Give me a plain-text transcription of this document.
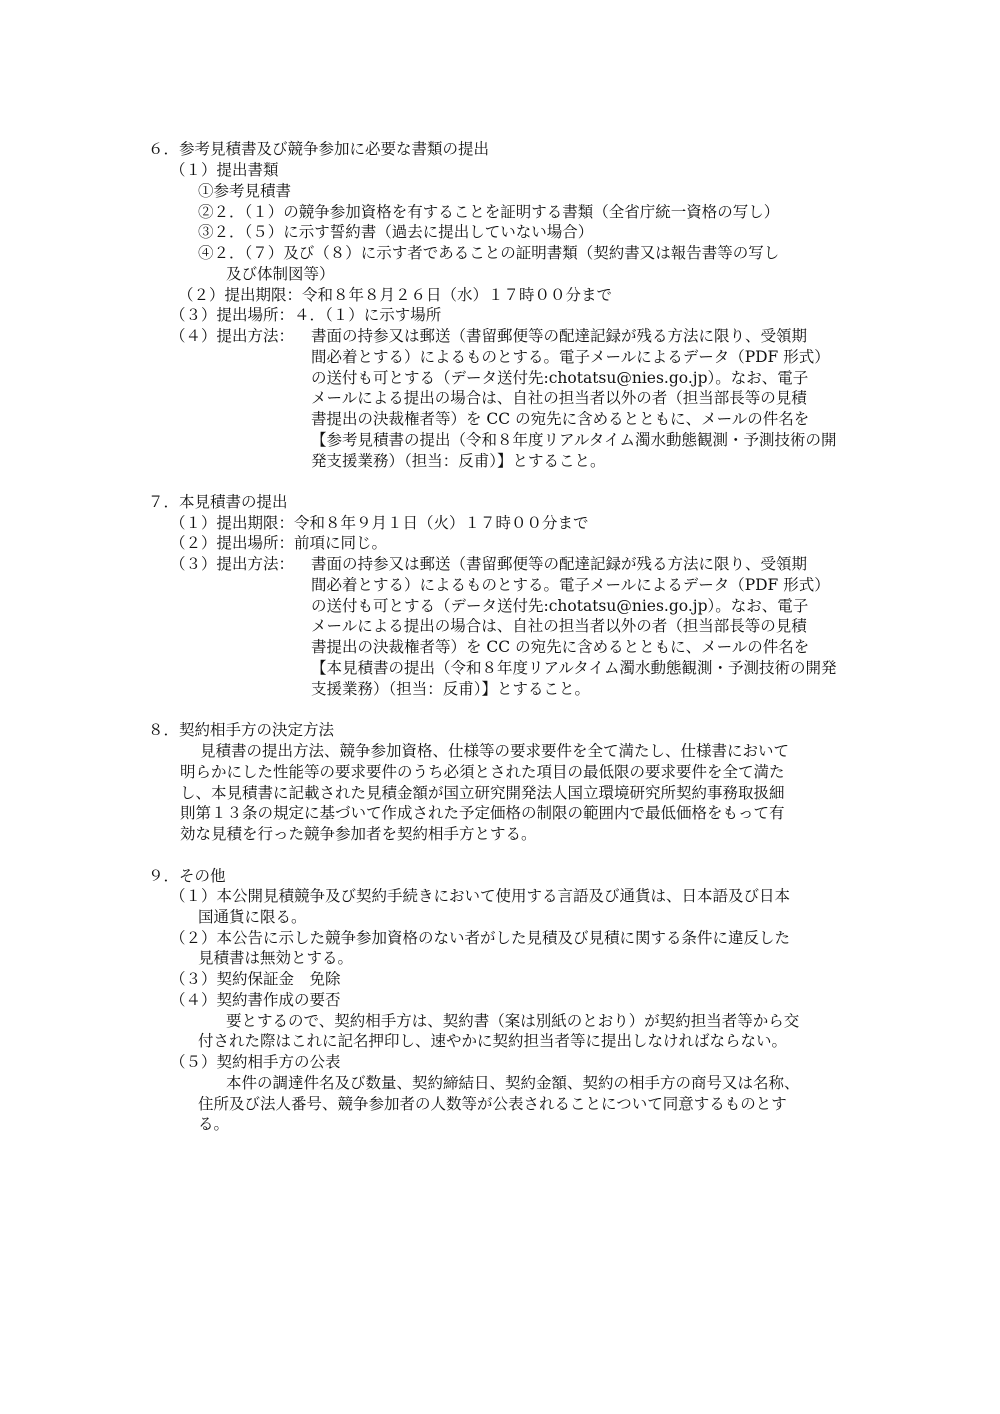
６．参考見積書及び競争参加に必要な書類の提出
（１）提出書類
①参考見積書
②２．（１）の競争参加資格を有することを証明する書類（全省庁統一資格の写し）
③２．（５）に示す誓約書（過去に提出していない場合）
④２．（７）及び（８）に示す者であることの証明書類（契約書又は報告書等の写し
及び体制図等）
（２）提出期限：令和８年８月２６日（水）１７時００分まで
（３）提出場所：４．（１）に示す場所
（４）提出方法： 書面の持参又は郵送（書留郵便等の配達記録が残る方法に限り、受領期
間必着とする）によるものとする。電子メールによるデータ（PDF 形式）
の送付も可とする（データ送付先:chotatsu@nies.go.jp）。なお、電子
メールによる提出の場合は、自社の担当者以外の者（担当部長等の見積
書提出の決裁権者等）を CC の宛先に含めるとともに、メールの件名を
【参考見積書の提出（令和８年度リアルタイム濁水動態観測・予測技術の開
発支援業務）（担当：反甫）】とすること。
７．本見積書の提出
（１）提出期限：令和８年９月１日（火）１７時００分まで
（２）提出場所：前項に同じ。
（３）提出方法： 書面の持参又は郵送（書留郵便等の配達記録が残る方法に限り、受領期
間必着とする）によるものとする。電子メールによるデータ（PDF 形式）
の送付も可とする（データ送付先:chotatsu@nies.go.jp）。なお、電子
メールによる提出の場合は、自社の担当者以外の者（担当部長等の見積
書提出の決裁権者等）を CC の宛先に含めるとともに、メールの件名を
【本見積書の提出（令和８年度リアルタイム濁水動態観測・予測技術の開発
支援業務）（担当：反甫）】とすること。
８．契約相手方の決定方法
見積書の提出方法、競争参加資格、仕様等の要求要件を全て満たし、仕様書において
明らかにした性能等の要求要件のうち必須とされた項目の最低限の要求要件を全て満た
し、本見積書に記載された見積金額が国立研究開発法人国立環境研究所契約事務取扱細
則第１３条の規定に基づいて作成された予定価格の制限の範囲内で最低価格をもって有
効な見積を行った競争参加者を契約相手方とする。
９．その他
（１）本公開見積競争及び契約手続きにおいて使用する言語及び通貨は、日本語及び日本
国通貨に限る。
（２）本公告に示した競争参加資格のない者がした見積及び見積に関する条件に違反した
見積書は無効とする。
（３）契約保証金　免除
（４）契約書作成の要否
要とするので、契約相手方は、契約書（案は別紙のとおり）が契約担当者等から交
付された際はこれに記名押印し、速やかに契約担当者等に提出しなければならない。
（５）契約相手方の公表
本件の調達件名及び数量、契約締結日、契約金額、契約の相手方の商号又は名称、
住所及び法人番号、競争参加者の人数等が公表されることについて同意するものとす
る。
